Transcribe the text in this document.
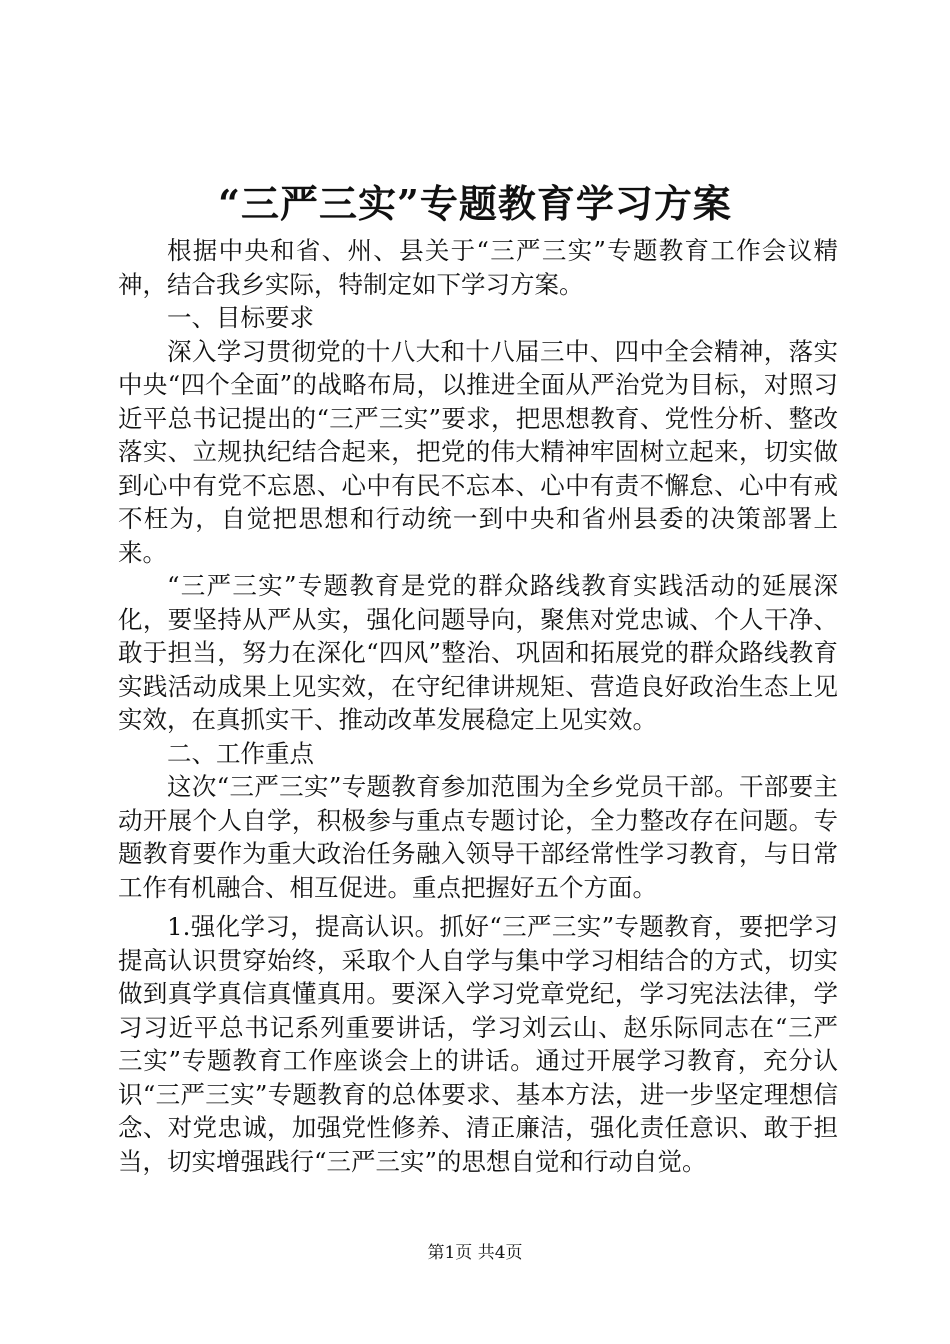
“三严三实”专题教育学习方案

根据中央和省、州、县关于“三严三实”专题教育工作会议精神，结合我乡实际，特制定如下学习方案。

一、目标要求

深入学习贯彻党的十八大和十八届三中、四中全会精神，落实中央“四个全面”的战略布局，以推进全面从严治党为目标，对照习近平总书记提出的“三严三实”要求，把思想教育、党性分析、整改落实、立规执纪结合起来，把党的伟大精神牢固树立起来，切实做到心中有党不忘恩、心中有民不忘本、心中有责不懈怠、心中有戒不枉为，自觉把思想和行动统一到中央和省州县委的决策部署上来。

“三严三实”专题教育是党的群众路线教育实践活动的延展深化，要坚持从严从实，强化问题导向，聚焦对党忠诚、个人干净、敢于担当，努力在深化“四风”整治、巩固和拓展党的群众路线教育实践活动成果上见实效，在守纪律讲规矩、营造良好政治生态上见实效，在真抓实干、推动改革发展稳定上见实效。

二、工作重点

这次“三严三实”专题教育参加范围为全乡党员干部。干部要主动开展个人自学，积极参与重点专题讨论，全力整改存在问题。专题教育要作为重大政治任务融入领导干部经常性学习教育，与日常工作有机融合、相互促进。重点把握好五个方面。

1.强化学习，提高认识。抓好“三严三实”专题教育，要把学习提高认识贯穿始终，采取个人自学与集中学习相结合的方式，切实做到真学真信真懂真用。要深入学习党章党纪，学习宪法法律，学习习近平总书记系列重要讲话，学习刘云山、赵乐际同志在“三严三实”专题教育工作座谈会上的讲话。通过开展学习教育，充分认识“三严三实”专题教育的总体要求、基本方法，进一步坚定理想信念、对党忠诚，加强党性修养、清正廉洁，强化责任意识、敢于担当，切实增强践行“三严三实”的思想自觉和行动自觉。

第1页 共4页
